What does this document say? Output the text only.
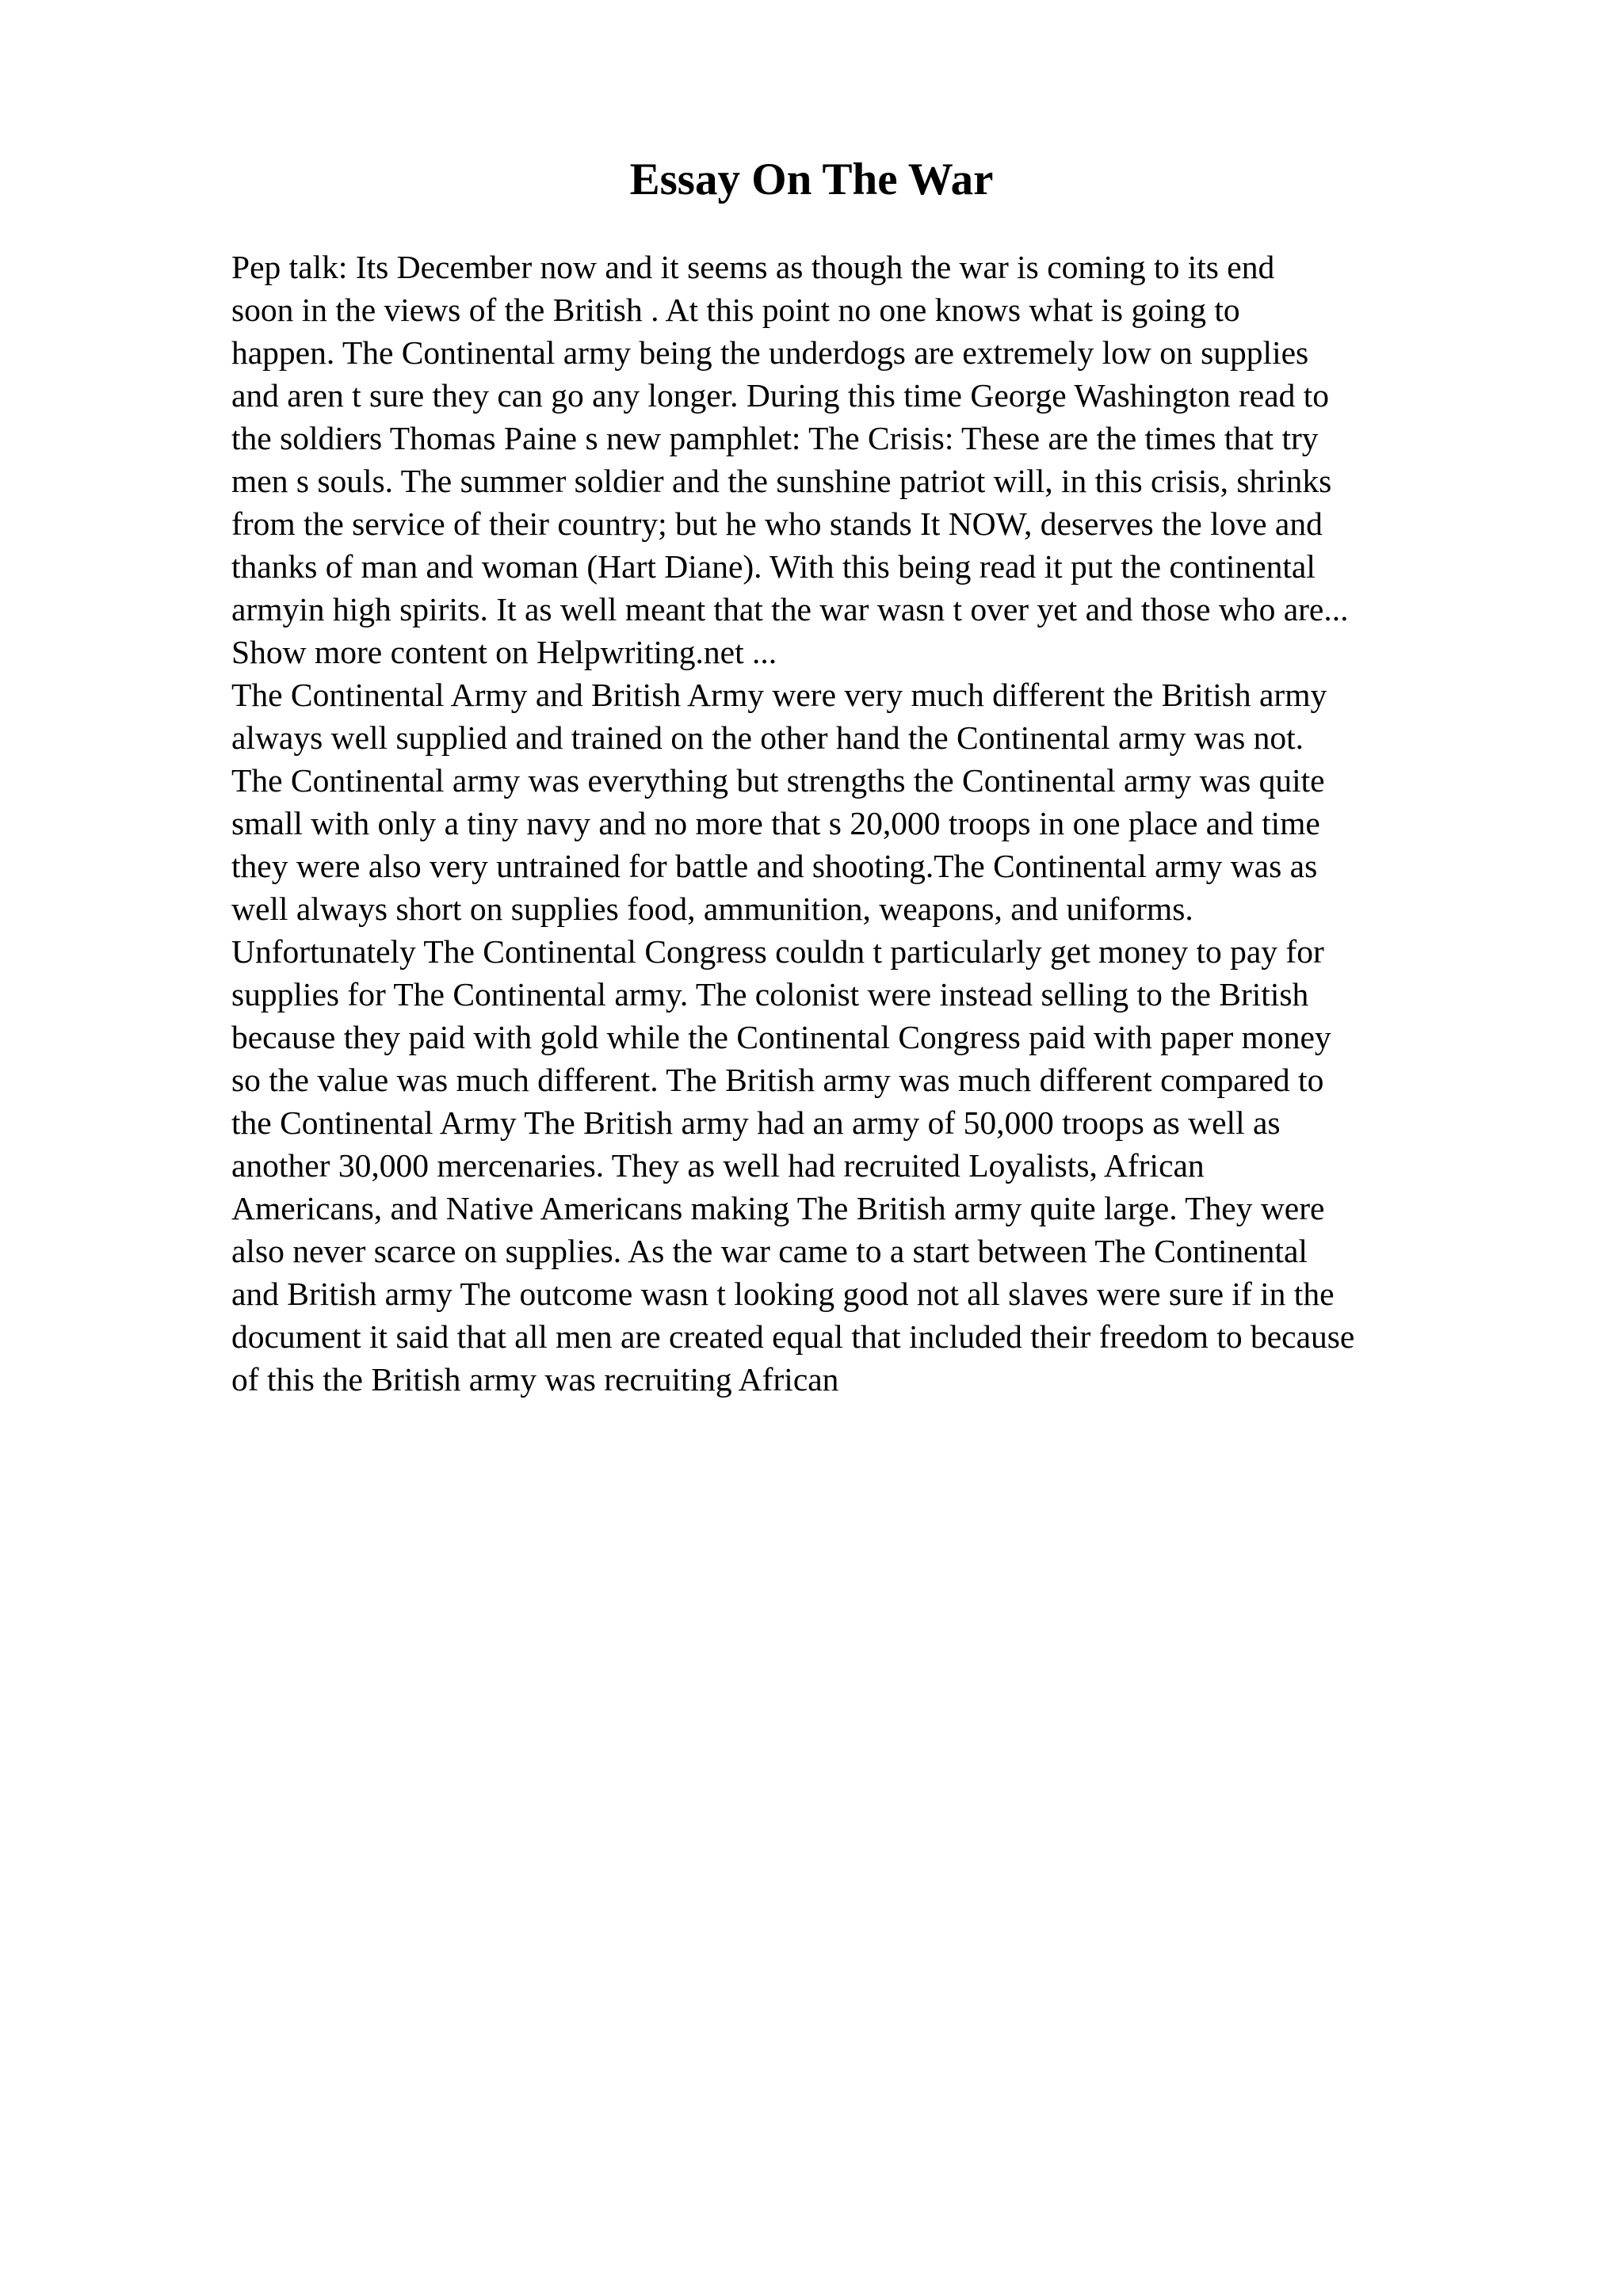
Essay On The War
Pep talk: Its December now and it seems as though the war is coming to its end
soon in the views of the British . At this point no one knows what is going to
happen. The Continental army being the underdogs are extremely low on supplies
and aren t sure they can go any longer. During this time George Washington read to
the soldiers Thomas Paine s new pamphlet: The Crisis: These are the times that try
men s souls. The summer soldier and the sunshine patriot will, in this crisis, shrinks
from the service of their country; but he who stands It NOW, deserves the love and
thanks of man and woman (Hart Diane). With this being read it put the continental
armyin high spirits. It as well meant that the war wasn t over yet and those who are...
Show more content on Helpwriting.net ...
The Continental Army and British Army were very much different the British army
always well supplied and trained on the other hand the Continental army was not.
The Continental army was everything but strengths the Continental army was quite
small with only a tiny navy and no more that s 20,000 troops in one place and time
they were also very untrained for battle and shooting.The Continental army was as
well always short on supplies food, ammunition, weapons, and uniforms.
Unfortunately The Continental Congress couldn t particularly get money to pay for
supplies for The Continental army. The colonist were instead selling to the British
because they paid with gold while the Continental Congress paid with paper money
so the value was much different. The British army was much different compared to
the Continental Army The British army had an army of 50,000 troops as well as
another 30,000 mercenaries. They as well had recruited Loyalists, African
Americans, and Native Americans making The British army quite large. They were
also never scarce on supplies. As the war came to a start between The Continental
and British army The outcome wasn t looking good not all slaves were sure if in the
document it said that all men are created equal that included their freedom to because
of this the British army was recruiting African
